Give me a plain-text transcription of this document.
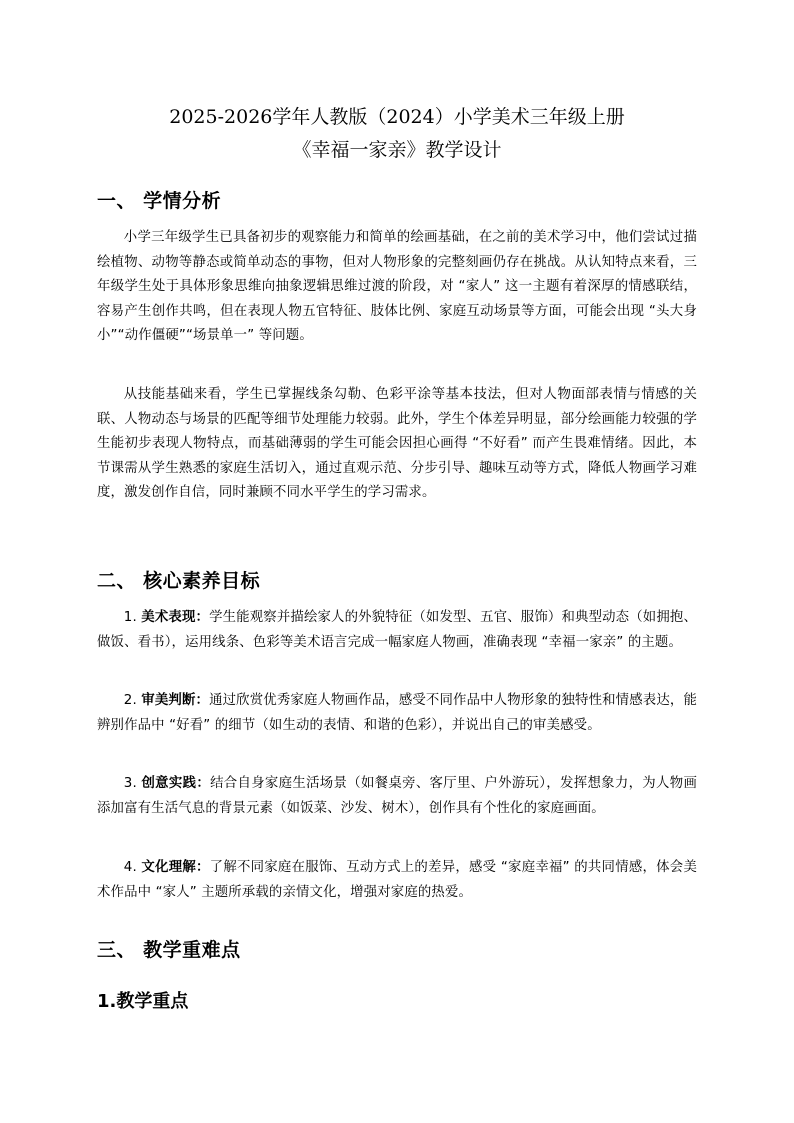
2025-2026学年人教版（2024）小学美术三年级上册

《幸福一家亲》教学设计

一、 学情分析

小学三年级学生已具备初步的观察能力和简单的绘画基础，在之前的美术学习中，他们尝试过描绘植物、动物等静态或简单动态的事物，但对人物形象的完整刻画仍存在挑战。从认知特点来看，三年级学生处于具体形象思维向抽象逻辑思维过渡的阶段，对 “家人” 这一主题有着深厚的情感联结，容易产生创作共鸣，但在表现人物五官特征、肢体比例、家庭互动场景等方面，可能会出现 “头大身小”“动作僵硬”“场景单一” 等问题。

从技能基础来看，学生已掌握线条勾勒、色彩平涂等基本技法，但对人物面部表情与情感的关联、人物动态与场景的匹配等细节处理能力较弱。此外，学生个体差异明显，部分绘画能力较强的学生能初步表现人物特点，而基础薄弱的学生可能会因担心画得 “不好看” 而产生畏难情绪。因此，本节课需从学生熟悉的家庭生活切入，通过直观示范、分步引导、趣味互动等方式，降低人物画学习难度，激发创作自信，同时兼顾不同水平学生的学习需求。

二、 核心素养目标

1. 美术表现：学生能观察并描绘家人的外貌特征（如发型、五官、服饰）和典型动态（如拥抱、做饭、看书），运用线条、色彩等美术语言完成一幅家庭人物画，准确表现 “幸福一家亲” 的主题。

2. 审美判断：通过欣赏优秀家庭人物画作品，感受不同作品中人物形象的独特性和情感表达，能辨别作品中 “好看” 的细节（如生动的表情、和谐的色彩），并说出自己的审美感受。

3. 创意实践：结合自身家庭生活场景（如餐桌旁、客厅里、户外游玩），发挥想象力，为人物画添加富有生活气息的背景元素（如饭菜、沙发、树木），创作具有个性化的家庭画面。

4. 文化理解：了解不同家庭在服饰、互动方式上的差异，感受 “家庭幸福” 的共同情感，体会美术作品中 “家人” 主题所承载的亲情文化，增强对家庭的热爱。

三、 教学重难点
1.教学重点
